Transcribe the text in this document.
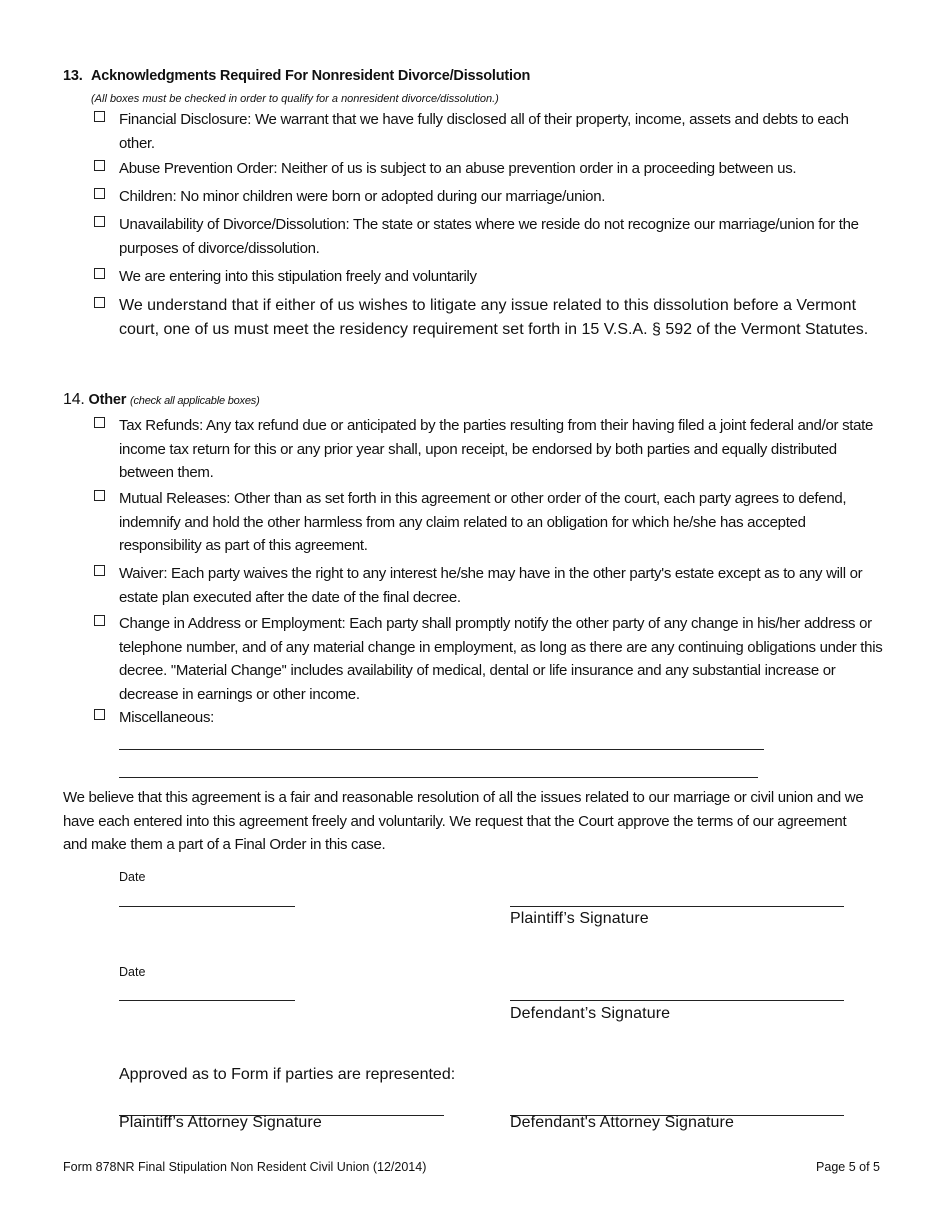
13. Acknowledgments Required For Nonresident Divorce/Dissolution
(All boxes must be checked in order to qualify for a nonresident divorce/dissolution.)
Financial Disclosure: We warrant that we have fully disclosed all of their property, income, assets and debts to each other.
Abuse Prevention Order: Neither of us is subject to an abuse prevention order in a proceeding between us.
Children: No minor children were born or adopted during our marriage/union.
Unavailability of Divorce/Dissolution: The state or states where we reside do not recognize our marriage/union for the purposes of divorce/dissolution.
We are entering into this stipulation freely and voluntarily
We understand that if either of us wishes to litigate any issue related to this dissolution before a Vermont court, one of us must meet the residency requirement set forth in 15 V.S.A. § 592 of the Vermont Statutes.
14. Other (check all applicable boxes)
Tax Refunds: Any tax refund due or anticipated by the parties resulting from their having filed a joint federal and/or state income tax return for this or any prior year shall, upon receipt, be endorsed by both parties and equally distributed between them.
Mutual Releases: Other than as set forth in this agreement or other order of the court, each party agrees to defend, indemnify and hold the other harmless from any claim related to an obligation for which he/she has accepted responsibility as part of this agreement.
Waiver: Each party waives the right to any interest he/she may have in the other party's estate except as to any will or estate plan executed after the date of the final decree.
Change in Address or Employment: Each party shall promptly notify the other party of any change in his/her address or telephone number, and of any material change in employment, as long as there are any continuing obligations under this decree. ''Material Change'' includes availability of medical, dental or life insurance and any substantial increase or decrease in earnings or other income.
Miscellaneous:
We believe that this agreement is a fair and reasonable resolution of all the issues related to our marriage or civil union and we have each entered into this agreement freely and voluntarily. We request that the Court approve the terms of our agreement and make them a part of a Final Order in this case.
Date
Plaintiff’s Signature
Date
Defendant’s Signature
Approved as to Form if parties are represented:
Plaintiff’s Attorney Signature	Defendant's Attorney Signature
Form 878NR Final Stipulation Non Resident Civil Union (12/2014)	Page 5 of 5
